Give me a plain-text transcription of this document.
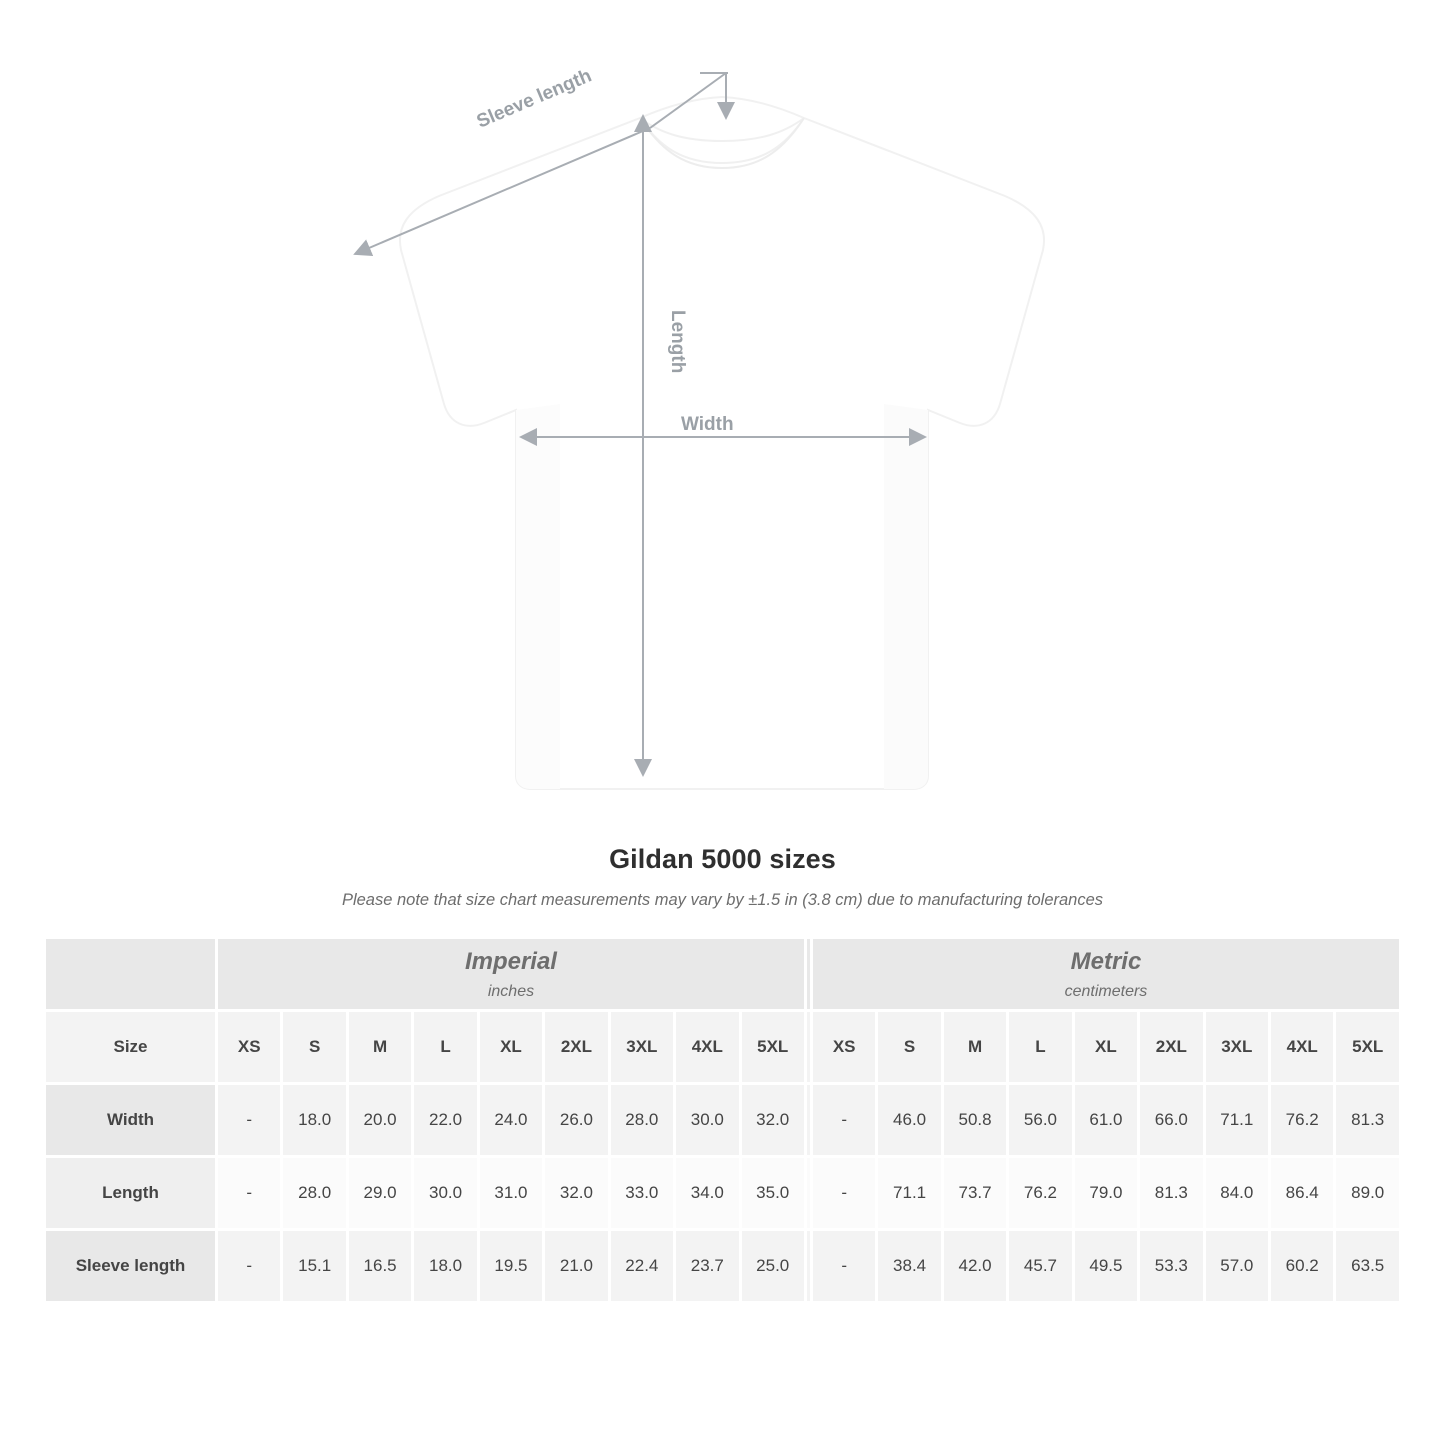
Sleeve length
Length
Width
Gildan 5000 sizes
Please note that size chart measurements may vary by ±1.5 in (3.8 cm) due to manufacturing tolerances

Imperial
inches

Metric
centimeters

Size	XS	S	M	L	XL	2XL	3XL	4XL	5XL		XS	S	M	L	XL	2XL	3XL	4XL	5XL
Width	-	18.0	20.0	22.0	24.0	26.0	28.0	30.0	32.0		-	46.0	50.8	56.0	61.0	66.0	71.1	76.2	81.3
Length	-	28.0	29.0	30.0	31.0	32.0	33.0	34.0	35.0		-	71.1	73.7	76.2	79.0	81.3	84.0	86.4	89.0
Sleeve length	-	15.1	16.5	18.0	19.5	21.0	22.4	23.7	25.0		-	38.4	42.0	45.7	49.5	53.3	57.0	60.2	63.5
